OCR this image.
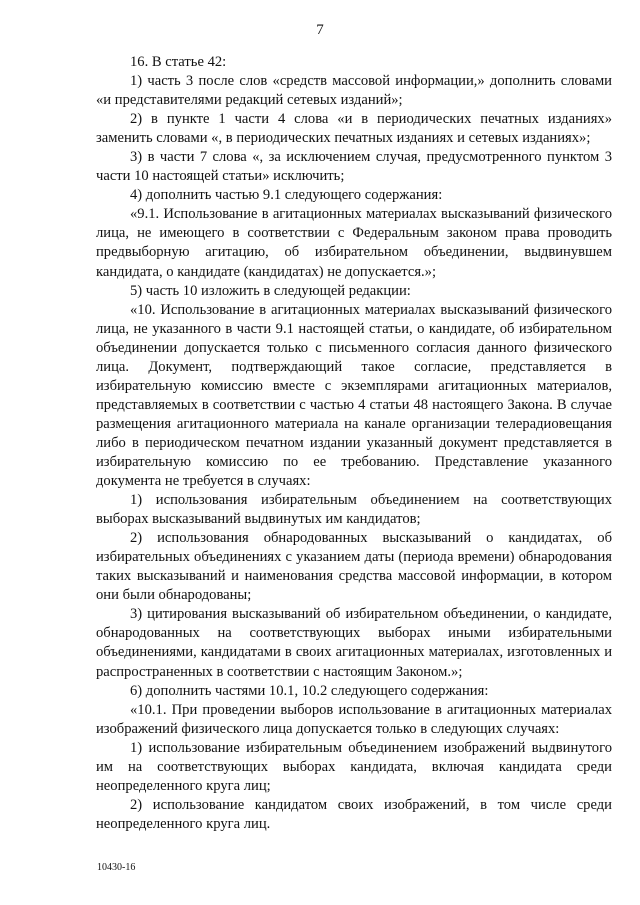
7

16. В статье 42:

1) часть 3 после слов «средств массовой информации,» дополнить словами «и представителями редакций сетевых изданий»;

2) в пункте 1 части 4 слова «и в периодических печатных изданиях» заменить словами «, в периодических печатных изданиях и сетевых изданиях»;

3) в части 7 слова «, за исключением случая, предусмотренного пунктом 3 части 10 настоящей статьи» исключить;

4) дополнить частью 9.1 следующего содержания:

«9.1. Использование в агитационных материалах высказываний физического лица, не имеющего в соответствии с Федеральным законом права проводить предвыборную агитацию, об избирательном объединении, выдвинувшем кандидата, о кандидате (кандидатах) не допускается.»;

5) часть 10 изложить в следующей редакции:

«10. Использование в агитационных материалах высказываний физического лица, не указанного в части 9.1 настоящей статьи, о кандидате, об избирательном объединении допускается только с письменного согласия данного физического лица. Документ, подтверждающий такое согласие, представляется в избирательную комиссию вместе с экземплярами агитационных материалов, представляемых в соответствии с частью 4 статьи 48 настоящего Закона. В случае размещения агитационного материала на канале организации телерадиовещания либо в периодическом печатном издании указанный документ представляется в избирательную комиссию по ее требованию. Представление указанного документа не требуется в случаях:

1) использования избирательным объединением на соответствующих выборах высказываний выдвинутых им кандидатов;

2) использования обнародованных высказываний о кандидатах, об избирательных объединениях с указанием даты (периода времени) обнародования таких высказываний и наименования средства массовой информации, в котором они были обнародованы;

3) цитирования высказываний об избирательном объединении, о кандидате, обнародованных на соответствующих выборах иными избирательными объединениями, кандидатами в своих агитационных материалах, изготовленных и распространенных в соответствии с настоящим Законом.»;

6) дополнить частями 10.1, 10.2 следующего содержания:

«10.1. При проведении выборов использование в агитационных материалах изображений физического лица допускается только в следующих случаях:

1) использование избирательным объединением изображений выдвинутого им на соответствующих выборах кандидата, включая кандидата среди неопределенного круга лиц;

2) использование кандидатом своих изображений, в том числе среди неопределенного круга лиц.

10430-16
